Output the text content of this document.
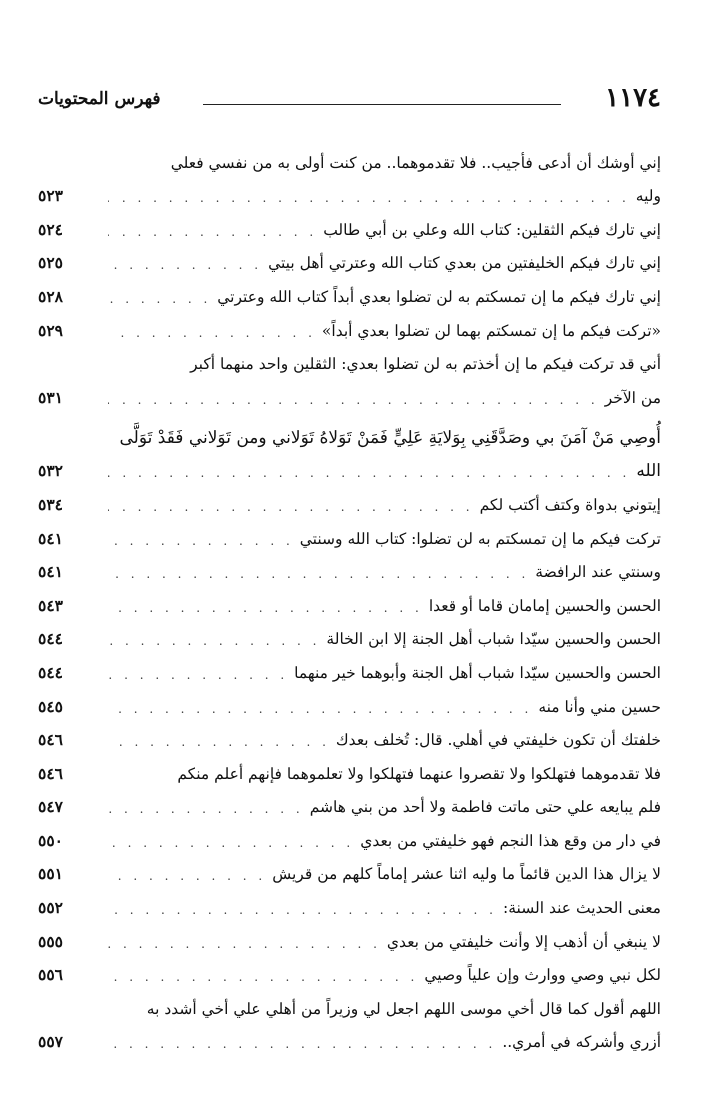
١١٧٤
فهرس المحتويات
إني أوشك أن أدعى فأجيب.. فلا تقدموهما.. من كنت أولى به من نفسي فعلي
وليه
. . .
٥٢٣
إني تارك فيكم الثقلين: كتاب الله وعلي بن أبي طالب
. . .
٥٢٤
إني تارك فيكم الخليفتين من بعدي كتاب الله وعترتي أهل بيتي
. . .
٥٢٥
إني تارك فيكم ما إن تمسكتم به لن تضلوا بعدي أبداً كتاب الله وعترتي
. . .
٥٢٨
«تركت فيكم ما إن تمسكتم بهما لن تضلوا بعدي أبداً»
. . .
٥٢٩
أني قد تركت فيكم ما إن أخذتم به لن تضلوا بعدي: الثقلين واحد منهما أكبر
من الآخر
. . .
٥٣١
أُوصِي مَنْ آمَنَ بي وصَدَّقَنِي بِوَلايَةِ عَلِيٍّ فَمَنْ تَوَلاهُ تَوَلاني ومن تَوَلاني فَقَدْ تَوَلَّى
الله
. . .
٥٣٢
إيتوني بدواة وكتف أكتب لكم
. . .
٥٣٤
تركت فيكم ما إن تمسكتم به لن تضلوا: كتاب الله وسنتي
. . .
٥٤١
وسنتي عند الرافضة
. . .
٥٤١
الحسن والحسين إمامان قاما أو قعدا
. . .
٥٤٣
الحسن والحسين سيّدا شباب أهل الجنة إلا ابن الخالة
. . .
٥٤٤
الحسن والحسين سيّدا شباب أهل الجنة وأبوهما خير منهما
. . .
٥٤٤
حسين مني وأنا منه
. . .
٥٤٥
خلفتك أن تكون خليفتي في أهلي. قال: تُخلف بعدك
. . .
٥٤٦
فلا تقدموهما فتهلكوا ولا تقصروا عنهما فتهلكوا ولا تعلموهما فإنهم أعلم منكم
٥٤٦
فلم يبايعه علي حتى ماتت فاطمة ولا أحد من بني هاشم
. . .
٥٤٧
في دار من وقع هذا النجم فهو خليفتي من بعدي
. . .
٥٥٠
لا يزال هذا الدين قائماً ما وليه اثنا عشر إماماً كلهم من قريش
. . .
٥٥١
معنى الحديث عند السنة:
. . .
٥٥٢
لا ينبغي أن أذهب إلا وأنت خليفتي من بعدي
. . .
٥٥٥
لكل نبي وصي ووارث وإن علياً وصيي
. . .
٥٥٦
اللهم أقول كما قال أخي موسى اللهم اجعل لي وزيراً من أهلي علي أخي أشدد به
أزري وأشركه في أمري..
. . .
٥٥٧
